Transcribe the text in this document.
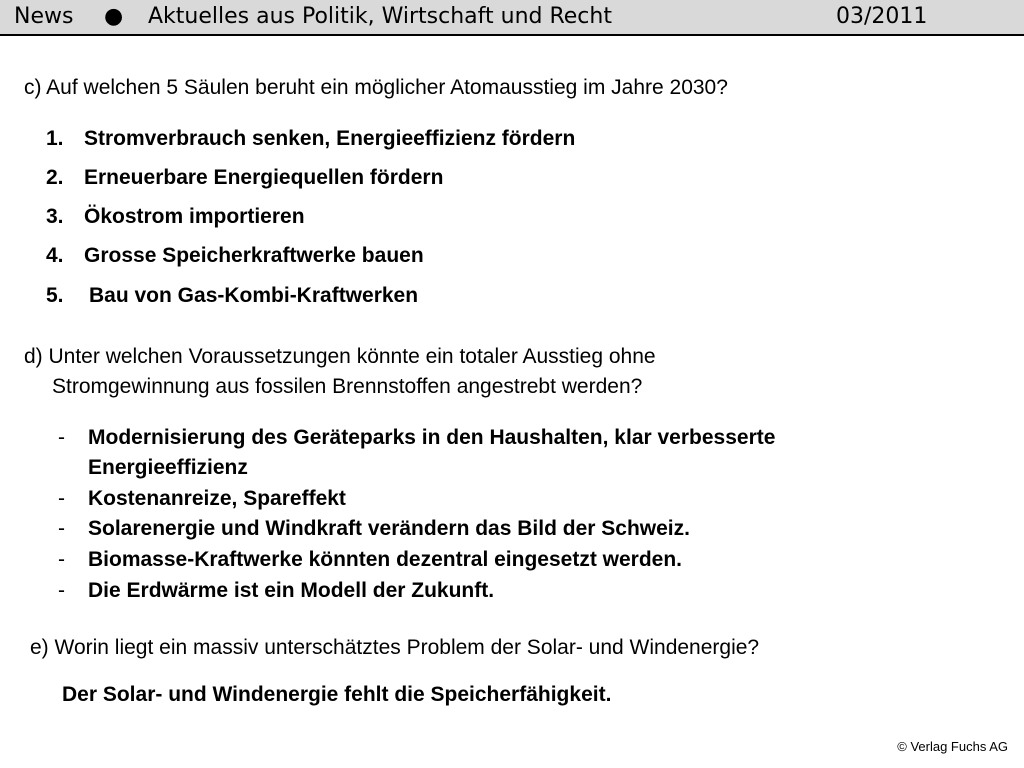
News ● Aktuelles aus Politik, Wirtschaft und Recht	03/2011
c) Auf welchen 5 Säulen beruht ein möglicher Atomausstieg im Jahre 2030?
1. Stromverbrauch senken, Energieeffizienz fördern
2. Erneuerbare Energiequellen fördern
3. Ökostrom importieren
4. Grosse Speicherkraftwerke bauen
5. Bau von Gas-Kombi-Kraftwerken
d) Unter welchen Voraussetzungen könnte ein totaler Ausstieg ohne
Stromgewinnung aus fossilen Brennstoffen angestrebt werden?
- Modernisierung des Geräteparks in den Haushalten, klar verbesserte
Energieeffizienz
- Kostenanreize, Spareffekt
- Solarenergie und Windkraft verändern das Bild der Schweiz.
- Biomasse-Kraftwerke könnten dezentral eingesetzt werden.
- Die Erdwärme ist ein Modell der Zukunft.
e) Worin liegt ein massiv unterschätztes Problem der Solar- und Windenergie?
Der Solar- und Windenergie fehlt die Speicherfähigkeit.
© Verlag Fuchs AG
